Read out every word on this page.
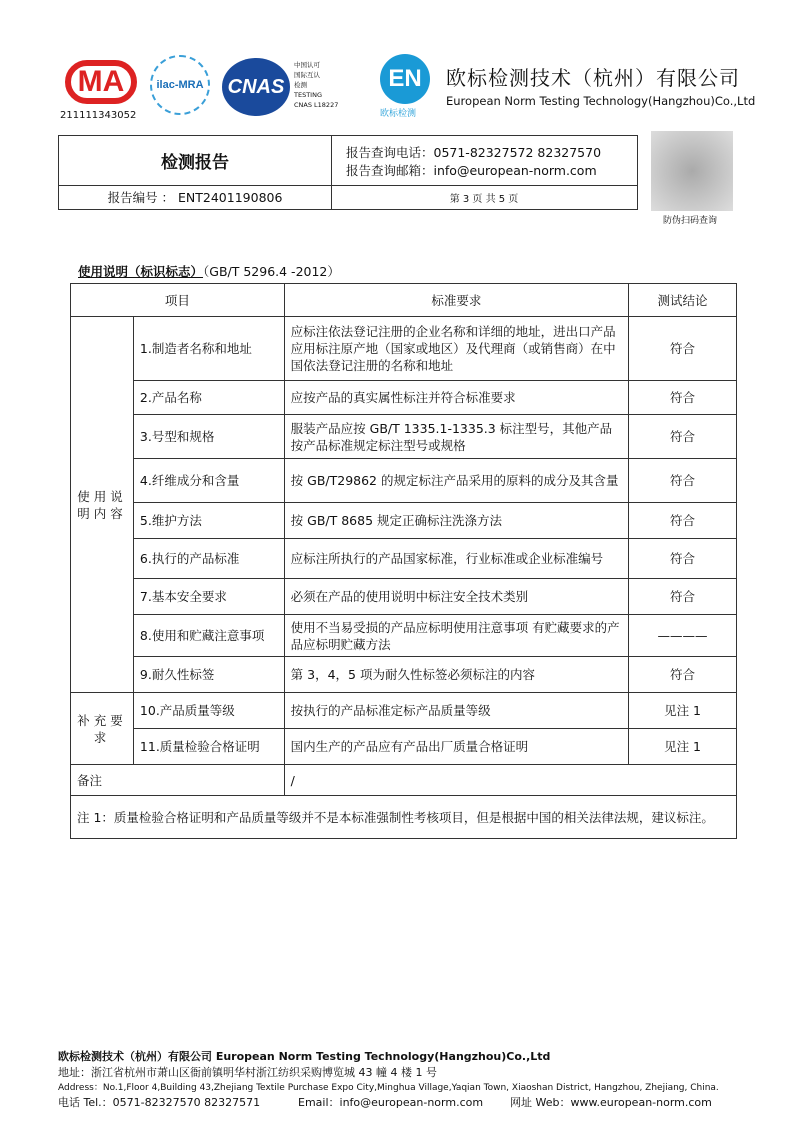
MA
211111343052
ilac-MRA	CNAS
中国认可
国际互认
检测
TESTING
CNAS L18227
EN
欧标检测
欧标检测技术（杭州）有限公司
European Norm Testing Technology(Hangzhou)Co.,Ltd
检测报告
报告查询电话：0571-82327572 82327570
报告查询邮箱：info@european-norm.com
报告编号 ： ENT2401190806	第 3 页 共 5 页
防伪扫码查询
使用说明（标识标志）（GB/T 5296.4 -2012）
项目		标准要求	测试结论
使用说明内容	1.制造者名称和地址	应标注依法登记注册的企业名称和详细的地址，进出口产品应用标注原产地（国家或地区）及代理商（或销售商）在中国依法登记注册的名称和地址	符合
	2.产品名称	应按产品的真实属性标注并符合标准要求	符合
	3.号型和规格	服装产品应按 GB/T 1335.1-1335.3 标注型号，其他产品按产品标准规定标注型号或规格	符合
	4.纤维成分和含量	按 GB/T29862 的规定标注产品采用的原料的成分及其含量	符合
	5.维护方法	按 GB/T 8685 规定正确标注洗涤方法	符合
	6.执行的产品标准	应标注所执行的产品国家标准，行业标准或企业标准编号	符合
	7.基本安全要求	必须在产品的使用说明中标注安全技术类别	符合
	8.使用和贮藏注意事项	使用不当易受损的产品应标明使用注意事项 有贮藏要求的产品应标明贮藏方法	————
	9.耐久性标签	第 3，4，5 项为耐久性标签必须标注的内容	符合
补充要求	10.产品质量等级	按执行的产品标准定标产品质量等级	见注 1
	11.质量检验合格证明	国内生产的产品应有产品出厂质量合格证明	见注 1
备注		/	
注 1：质量检验合格证明和产品质量等级并不是本标准强制性考核项目，但是根据中国的相关法律法规，建议标注。			
欧标检测技术（杭州）有限公司 European Norm Testing Technology(Hangzhou)Co.,Ltd
地址：浙江省杭州市萧山区衙前镇明华村浙江纺织采购博览城 43 幢 4 楼 1 号
Address：No.1,Floor 4,Building 43,Zhejiang Textile Purchase Expo City,Minghua Village,Yaqian Town, Xiaoshan District, Hangzhou, Zhejiang, China.
电话 Tel.：0571-82327570 82327571	Email：info@european-norm.com 网址 Web：www.european-norm.com
